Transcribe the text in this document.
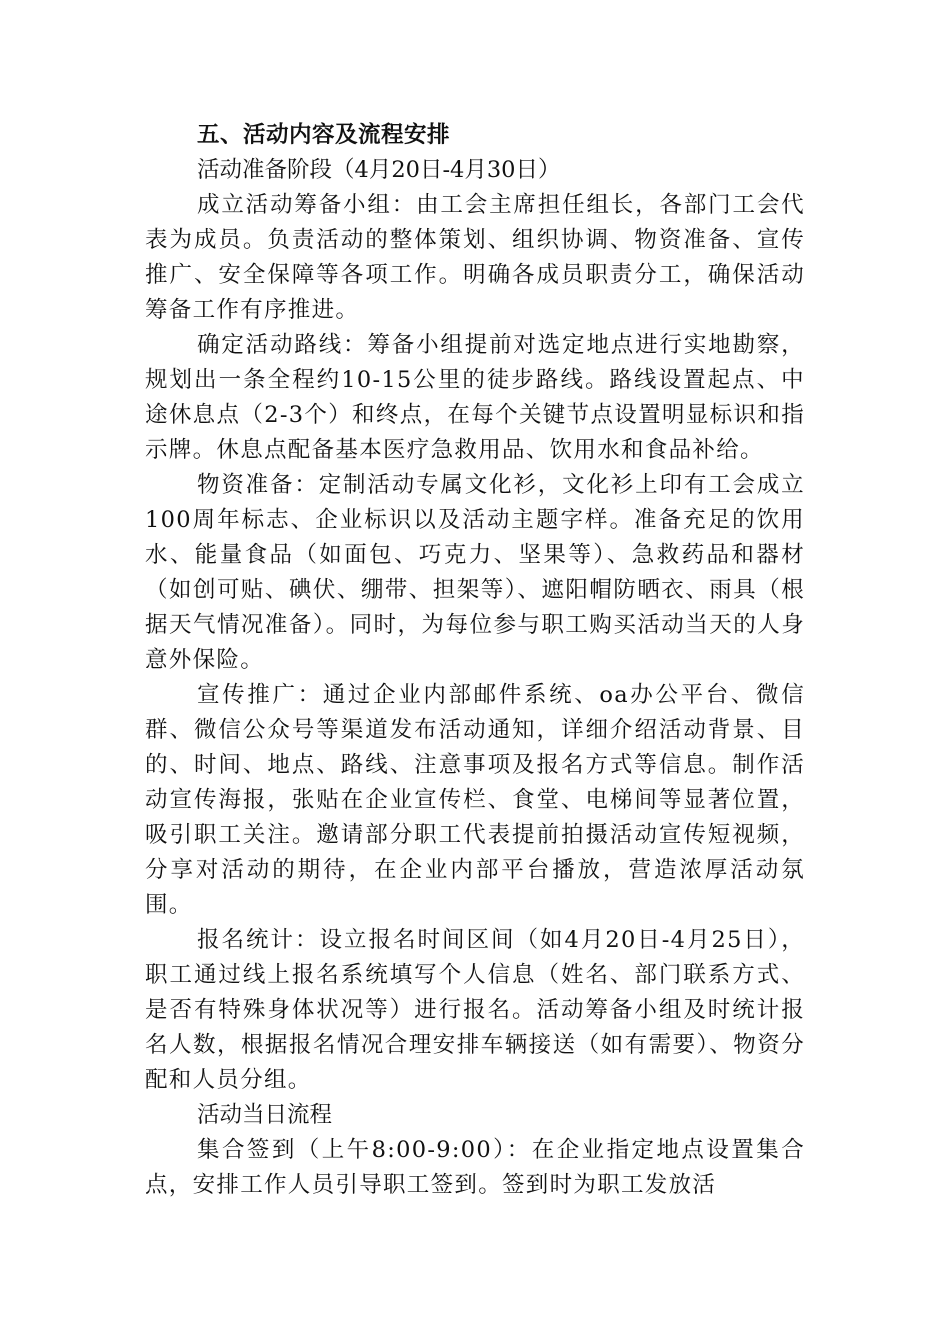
五、活动内容及流程安排

活动准备阶段（4月20日-4月30日）

成立活动筹备小组：由工会主席担任组长，各部门工会代表为成员。负责活动的整体策划、组织协调、物资准备、宣传推广、安全保障等各项工作。明确各成员职责分工，确保活动筹备工作有序推进。

确定活动路线：筹备小组提前对选定地点进行实地勘察，规划出一条全程约10-15公里的徒步路线。路线设置起点、中途休息点（2-3个）和终点，在每个关键节点设置明显标识和指示牌。休息点配备基本医疗急救用品、饮用水和食品补给。

物资准备：定制活动专属文化衫，文化衫上印有工会成立100周年标志、企业标识以及活动主题字样。准备充足的饮用水、能量食品（如面包、巧克力、坚果等）、急救药品和器材（如创可贴、碘伏、绷带、担架等）、遮阳帽防晒衣、雨具（根据天气情况准备）。同时，为每位参与职工购买活动当天的人身意外保险。

宣传推广：通过企业内部邮件系统、oa办公平台、微信群、微信公众号等渠道发布活动通知，详细介绍活动背景、目的、时间、地点、路线、注意事项及报名方式等信息。制作活动宣传海报，张贴在企业宣传栏、食堂、电梯间等显著位置，吸引职工关注。邀请部分职工代表提前拍摄活动宣传短视频，分享对活动的期待，在企业内部平台播放，营造浓厚活动氛围。

报名统计：设立报名时间区间（如4月20日-4月25日），职工通过线上报名系统填写个人信息（姓名、部门联系方式、是否有特殊身体状况等）进行报名。活动筹备小组及时统计报名人数，根据报名情况合理安排车辆接送（如有需要）、物资分配和人员分组。

活动当日流程

集合签到（上午8:00-9:00）：在企业指定地点设置集合点，安排工作人员引导职工签到。签到时为职工发放活
